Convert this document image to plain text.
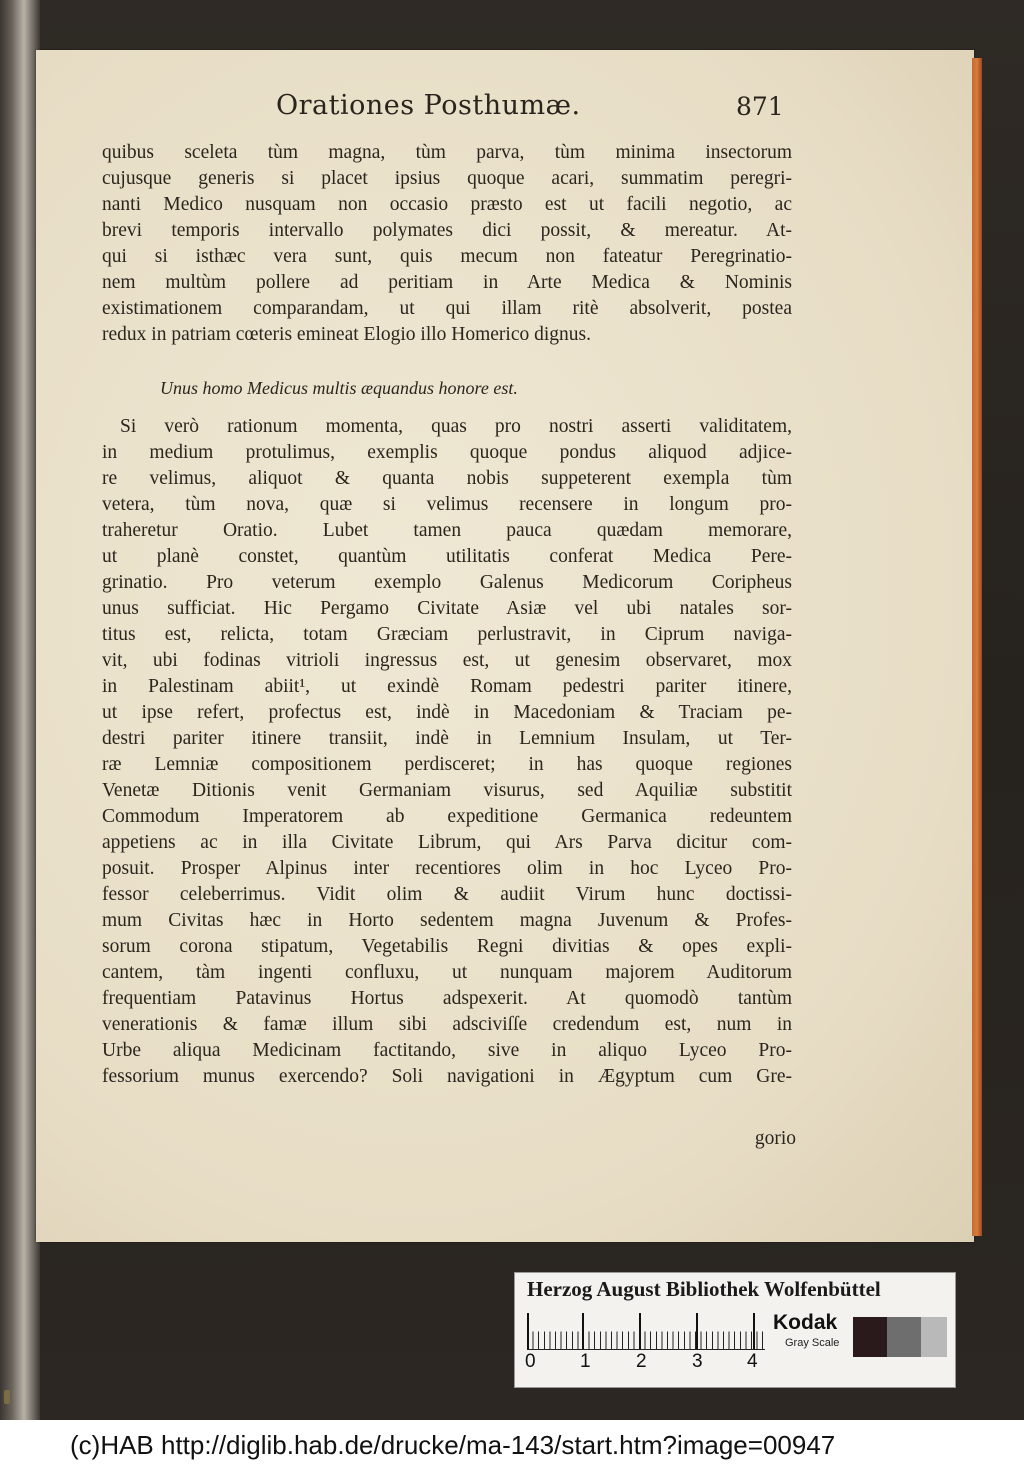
Orationes Posthumæ.	871
quibus sceleta tùm magna, tùm parva, tùm minima insectorum
cujusque generis si placet ipsius quoque acari, summatim peregri-
nanti Medico nusquam non occasio præsto est ut facili negotio, ac
brevi temporis intervallo polymates dici possit, & mereatur. At-
qui si isthæc vera sunt, quis mecum non fateatur Peregrinatio-
nem multùm pollere ad peritiam in Arte Medica & Nominis
existimationem comparandam, ut qui illam ritè absolverit, postea
redux in patriam cœteris emineat Elogio illo Homerico dignus.
Unus homo Medicus multis æquandus honore est.
Si verò rationum momenta, quas pro nostri asserti validitatem,
in medium protulimus, exemplis quoque pondus aliquod adjice-
re velimus, aliquot & quanta nobis suppeterent exempla tùm
vetera, tùm nova, quæ si velimus recensere in longum pro-
traheretur Oratio. Lubet tamen pauca quædam memorare,
ut planè constet, quantùm utilitatis conferat Medica Pere-
grinatio. Pro veterum exemplo Galenus Medicorum Coripheus
unus sufficiat. Hic Pergamo Civitate Asiæ vel ubi natales sor-
titus est, relicta, totam Græciam perlustravit, in Ciprum naviga-
vit, ubi fodinas vitrioli ingressus est, ut genesim observaret, mox
in Palestinam abiit¹, ut exindè Romam pedestri pariter itinere,
ut ipse refert, profectus est, indè in Macedoniam & Traciam pe-
destri pariter itinere transiit, indè in Lemnium Insulam, ut Ter-
ræ Lemniæ compositionem perdisceret; in has quoque regiones
Venetæ Ditionis venit Germaniam visurus, sed Aquiliæ substitit
Commodum Imperatorem ab expeditione Germanica redeuntem
appetiens ac in illa Civitate Librum, qui Ars Parva dicitur com-
posuit. Prosper Alpinus inter recentiores olim in hoc Lyceo Pro-
fessor celeberrimus. Vidit olim & audiit Virum hunc doctissi-
mum Civitas hæc in Horto sedentem magna Juvenum & Profes-
sorum corona stipatum, Vegetabilis Regni divitias & opes expli-
cantem, tàm ingenti confluxu, ut nunquam majorem Auditorum
frequentiam Patavinus Hortus adspexerit. At quomodò tantùm
venerationis & famæ illum sibi adsciviſſe credendum est, num in
Urbe aliqua Medicinam factitando, sive in aliquo Lyceo Pro-
fessorium munus exercendo? Soli navigationi in Ægyptum cum Gre-
gorio
Herzog August Bibliothek Wolfenbüttel
0	1	2	3	4
Kodak
Gray Scale
(c)HAB http://diglib.hab.de/drucke/ma-143/start.htm?image=00947
